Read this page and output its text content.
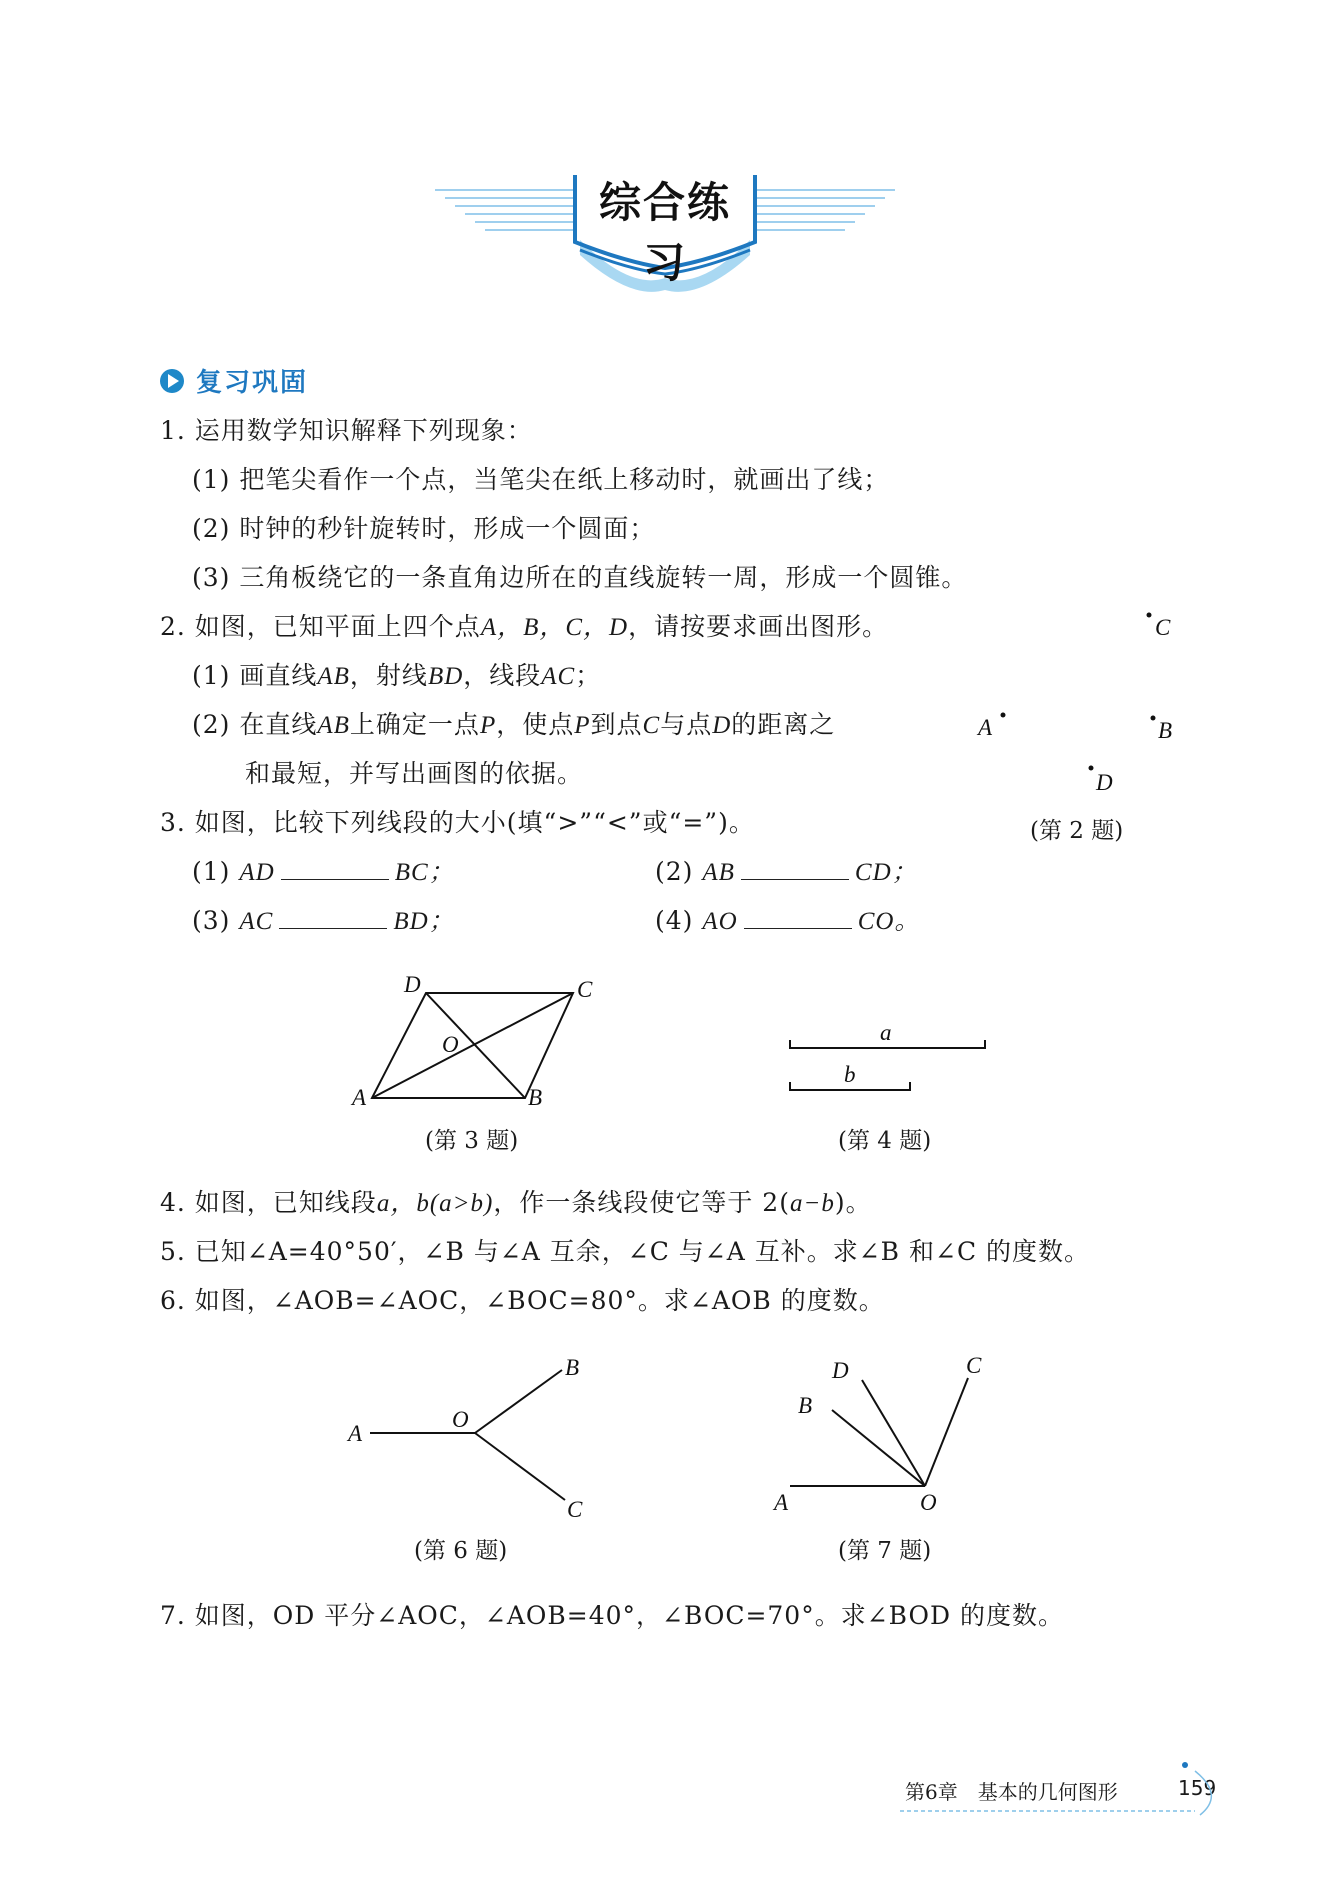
综合练习
复习巩固
1. 运用数学知识解释下列现象：
(1) 把笔尖看作一个点，当笔尖在纸上移动时，就画出了线；
(2) 时钟的秒针旋转时，形成一个圆面；
(3) 三角板绕它的一条直角边所在的直线旋转一周，形成一个圆锥。
2. 如图，已知平面上四个点A，B，C，D，请按要求画出图形。
(1) 画直线AB，射线BD，线段AC；
(2) 在直线AB上确定一点P，使点P到点C与点D的距离之
和最短，并写出画图的依据。
C
A	B
D
(第 2 题)
3. 如图，比较下列线段的大小(填“>”“<”或“=”)。
(1) AD	BC；	(2) AB	CD；
(3) AC	BD；	(4) AO	CO。
A	B
C
D
O
(第 3 题)
a
b
(第 4 题)
4. 如图，已知线段a，b(a>b)，作一条线段使它等于 2(a−b)。
5. 已知∠A=40°50′，∠B 与∠A 互余，∠C 与∠A 互补。求∠B 和∠C 的度数。
6. 如图，∠AOB=∠AOC，∠BOC=80°。求∠AOB 的度数。
A
O
B
C
(第 6 题)
A	O
B
D	C
(第 7 题)
7. 如图，OD 平分∠AOC，∠AOB=40°，∠BOC=70°。求∠BOD 的度数。
第6章　基本的几何图形	159
